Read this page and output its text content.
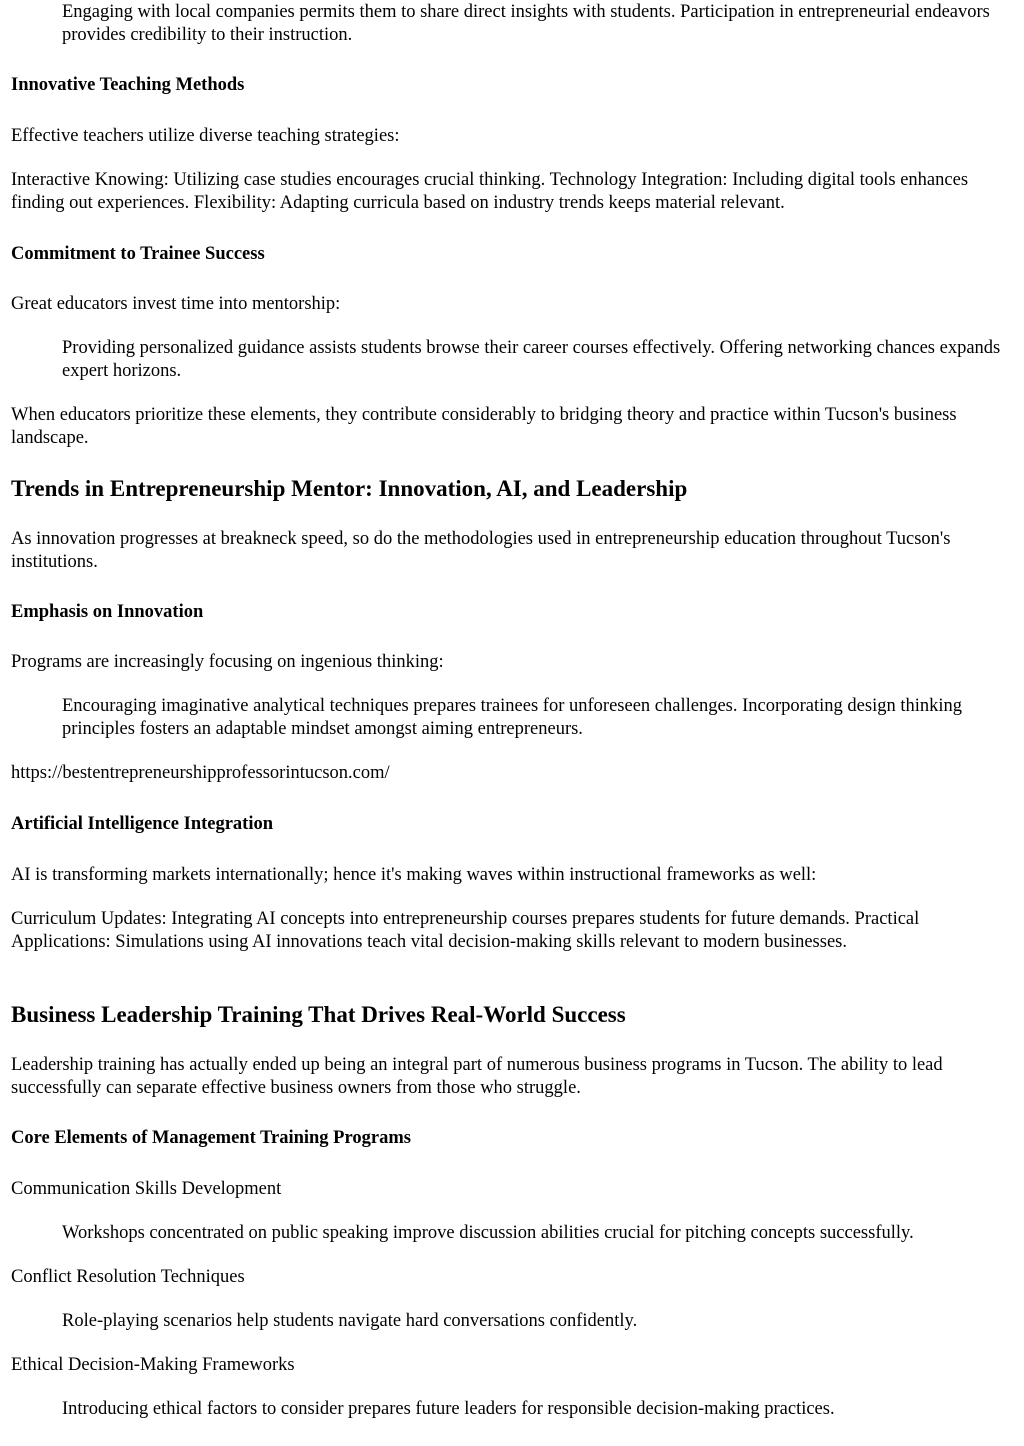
Engaging with local companies permits them to share direct insights with students. Participation in entrepreneurial endeavors provides credibility to their instruction.

Innovative Teaching Methods

Effective teachers utilize diverse teaching strategies:

Interactive Knowing: Utilizing case studies encourages crucial thinking. Technology Integration: Including digital tools enhances finding out experiences. Flexibility: Adapting curricula based on industry trends keeps material relevant.

Commitment to Trainee Success

Great educators invest time into mentorship:

Providing personalized guidance assists students browse their career courses effectively. Offering networking chances expands expert horizons.

When educators prioritize these elements, they contribute considerably to bridging theory and practice within Tucson's business landscape.

Trends in Entrepreneurship Mentor: Innovation, AI, and Leadership

As innovation progresses at breakneck speed, so do the methodologies used in entrepreneurship education throughout Tucson's institutions.

Emphasis on Innovation

Programs are increasingly focusing on ingenious thinking:

Encouraging imaginative analytical techniques prepares trainees for unforeseen challenges. Incorporating design thinking principles fosters an adaptable mindset amongst aiming entrepreneurs.

https://bestentrepreneurshipprofessorintucson.com/

Artificial Intelligence Integration

AI is transforming markets internationally; hence it's making waves within instructional frameworks as well:

Curriculum Updates: Integrating AI concepts into entrepreneurship courses prepares students for future demands. Practical Applications: Simulations using AI innovations teach vital decision-making skills relevant to modern businesses.

Business Leadership Training That Drives Real-World Success

Leadership training has actually ended up being an integral part of numerous business programs in Tucson. The ability to lead successfully can separate effective business owners from those who struggle.

Core Elements of Management Training Programs

Communication Skills Development

Workshops concentrated on public speaking improve discussion abilities crucial for pitching concepts successfully.

Conflict Resolution Techniques

Role-playing scenarios help students navigate hard conversations confidently.

Ethical Decision-Making Frameworks

Introducing ethical factors to consider prepares future leaders for responsible decision-making practices.
